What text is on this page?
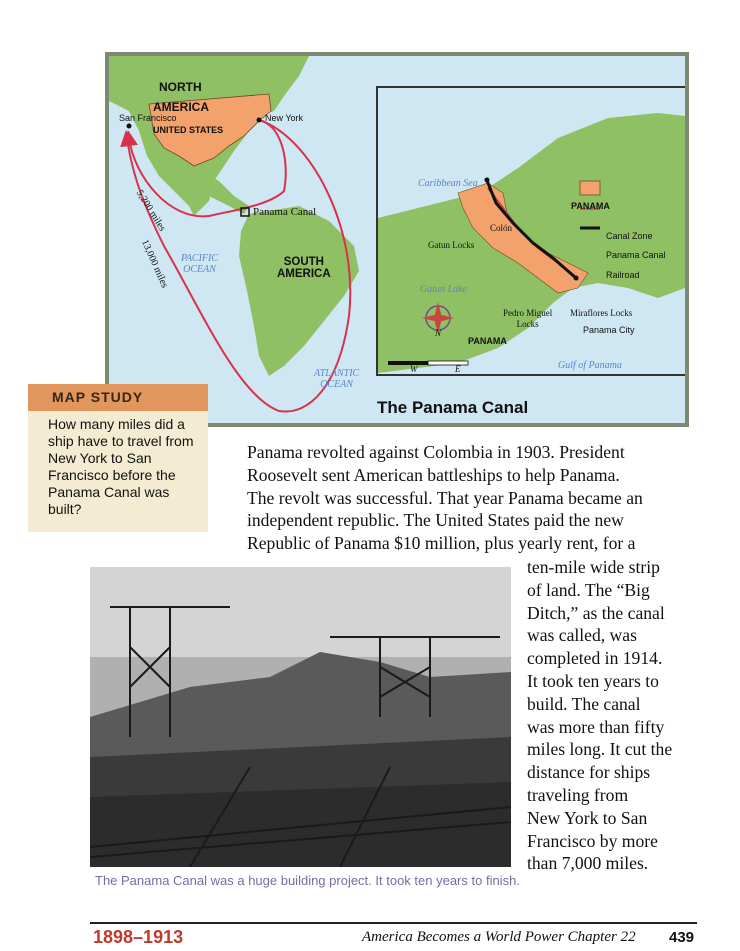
NORTH
AMERICA
UNITED STATES
San Francisco	New York
Panama Canal
SOUTH
AMERICA
PACIFIC
OCEAN
ATLANTIC
OCEAN
5,200 miles
13,000 miles
Caribbean Sea
Colón
Gatun Locks
Gatun Lake
PANAMA
PANAMA
Pedro Miguel
Locks
Miraflores Locks
Panama City
Gulf of Panama
N
E
W
Canal Zone
Panama Canal
Railroad
The Panama Canal
MAP STUDY
How many miles did a ship have to travel from New York to San Francisco before the Panama Canal was built?
Panama revolted against Colombia in 1903. President
Roosevelt sent American battleships to help Panama.
The revolt was successful. That year Panama became an
independent republic. The United States paid the new
Republic of Panama $10 million, plus yearly rent, for a
ten-mile wide strip
of land. The “Big
Ditch,” as the canal
was called, was
completed in 1914.
It took ten years to
build. The canal
was more than fifty
miles long. It cut the
distance for ships
traveling from
New York to San
Francisco by more
than 7,000 miles.
The Panama Canal was a huge building project. It took ten years to finish.
1898–1913	America Becomes a World Power Chapter 22 439
